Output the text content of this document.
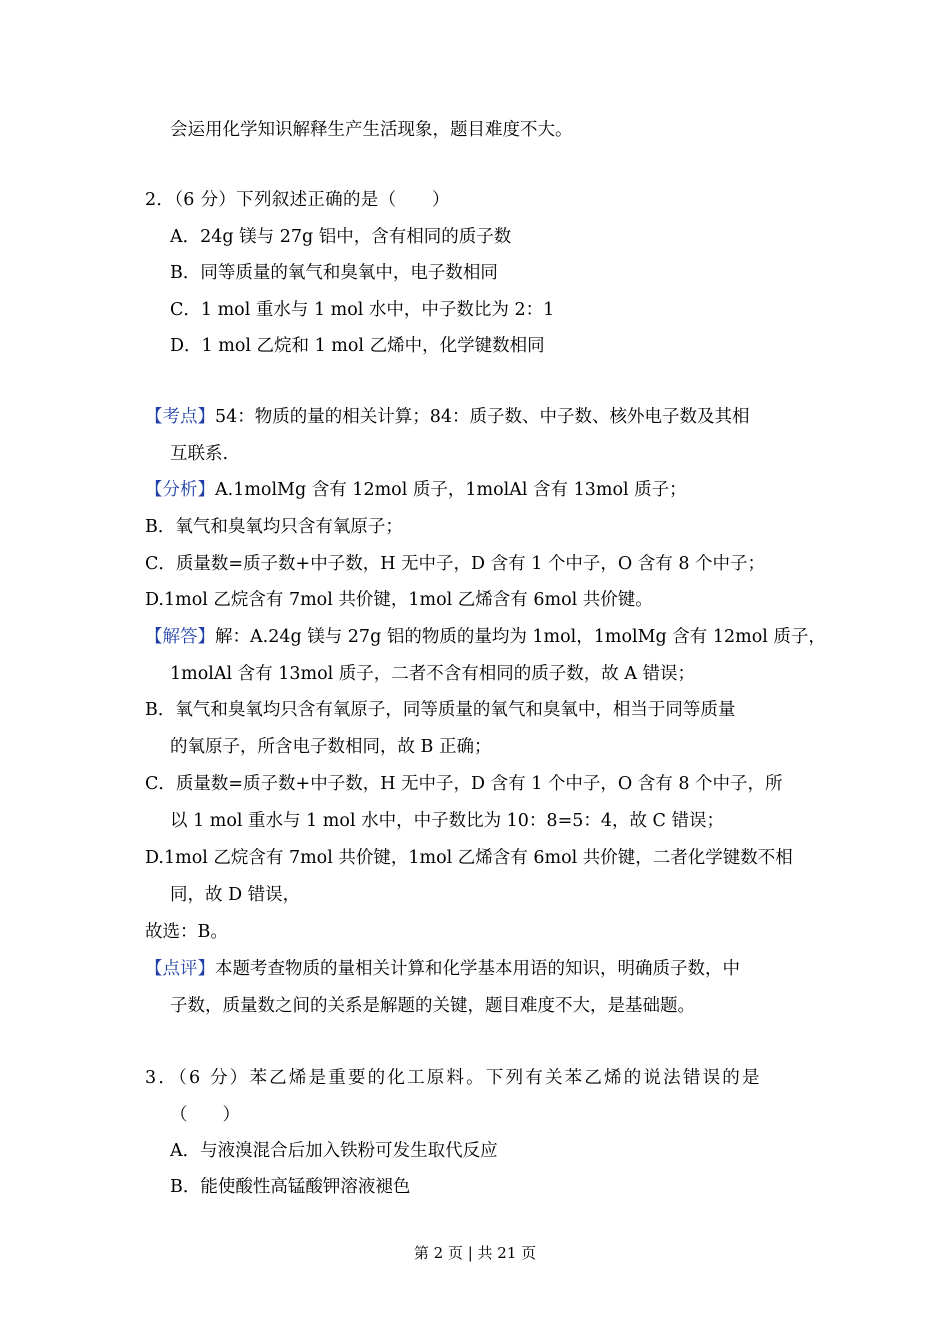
会运用化学知识解释生产生活现象，题目难度不大。
2．（6 分）下列叙述正确的是（　　）
A．24g 镁与 27g 铝中，含有相同的质子数
B．同等质量的氧气和臭氧中，电子数相同
C．1 mol 重水与 1 mol 水中，中子数比为 2：1
D．1 mol 乙烷和 1 mol 乙烯中，化学键数相同
【考点】54：物质的量的相关计算；84：质子数、中子数、核外电子数及其相
互联系.
【分析】A.1molMg 含有 12mol 质子，1molAl 含有 13mol 质子；
B．氧气和臭氧均只含有氧原子；
C．质量数=质子数+中子数，H 无中子，D 含有 1 个中子，O 含有 8 个中子；
D.1mol 乙烷含有 7mol 共价键，1mol 乙烯含有 6mol 共价键。
【解答】解：A.24g 镁与 27g 铝的物质的量均为 1mol，1molMg 含有 12mol 质子，
1molAl 含有 13mol 质子，二者不含有相同的质子数，故 A 错误；
B．氧气和臭氧均只含有氧原子，同等质量的氧气和臭氧中，相当于同等质量
的氧原子，所含电子数相同，故 B 正确；
C．质量数=质子数+中子数，H 无中子，D 含有 1 个中子，O 含有 8 个中子，所
以 1 mol 重水与 1 mol 水中，中子数比为 10：8=5：4，故 C 错误；
D.1mol 乙烷含有 7mol 共价键，1mol 乙烯含有 6mol 共价键，二者化学键数不相
同，故 D 错误，
故选：B。
【点评】本题考查物质的量相关计算和化学基本用语的知识，明确质子数，中
子数，质量数之间的关系是解题的关键，题目难度不大，是基础题。
3．（6 分）苯乙烯是重要的化工原料。下列有关苯乙烯的说法错误的是
（　　）
A．与液溴混合后加入铁粉可发生取代反应
B．能使酸性高锰酸钾溶液褪色
第 2 页 | 共 21 页
